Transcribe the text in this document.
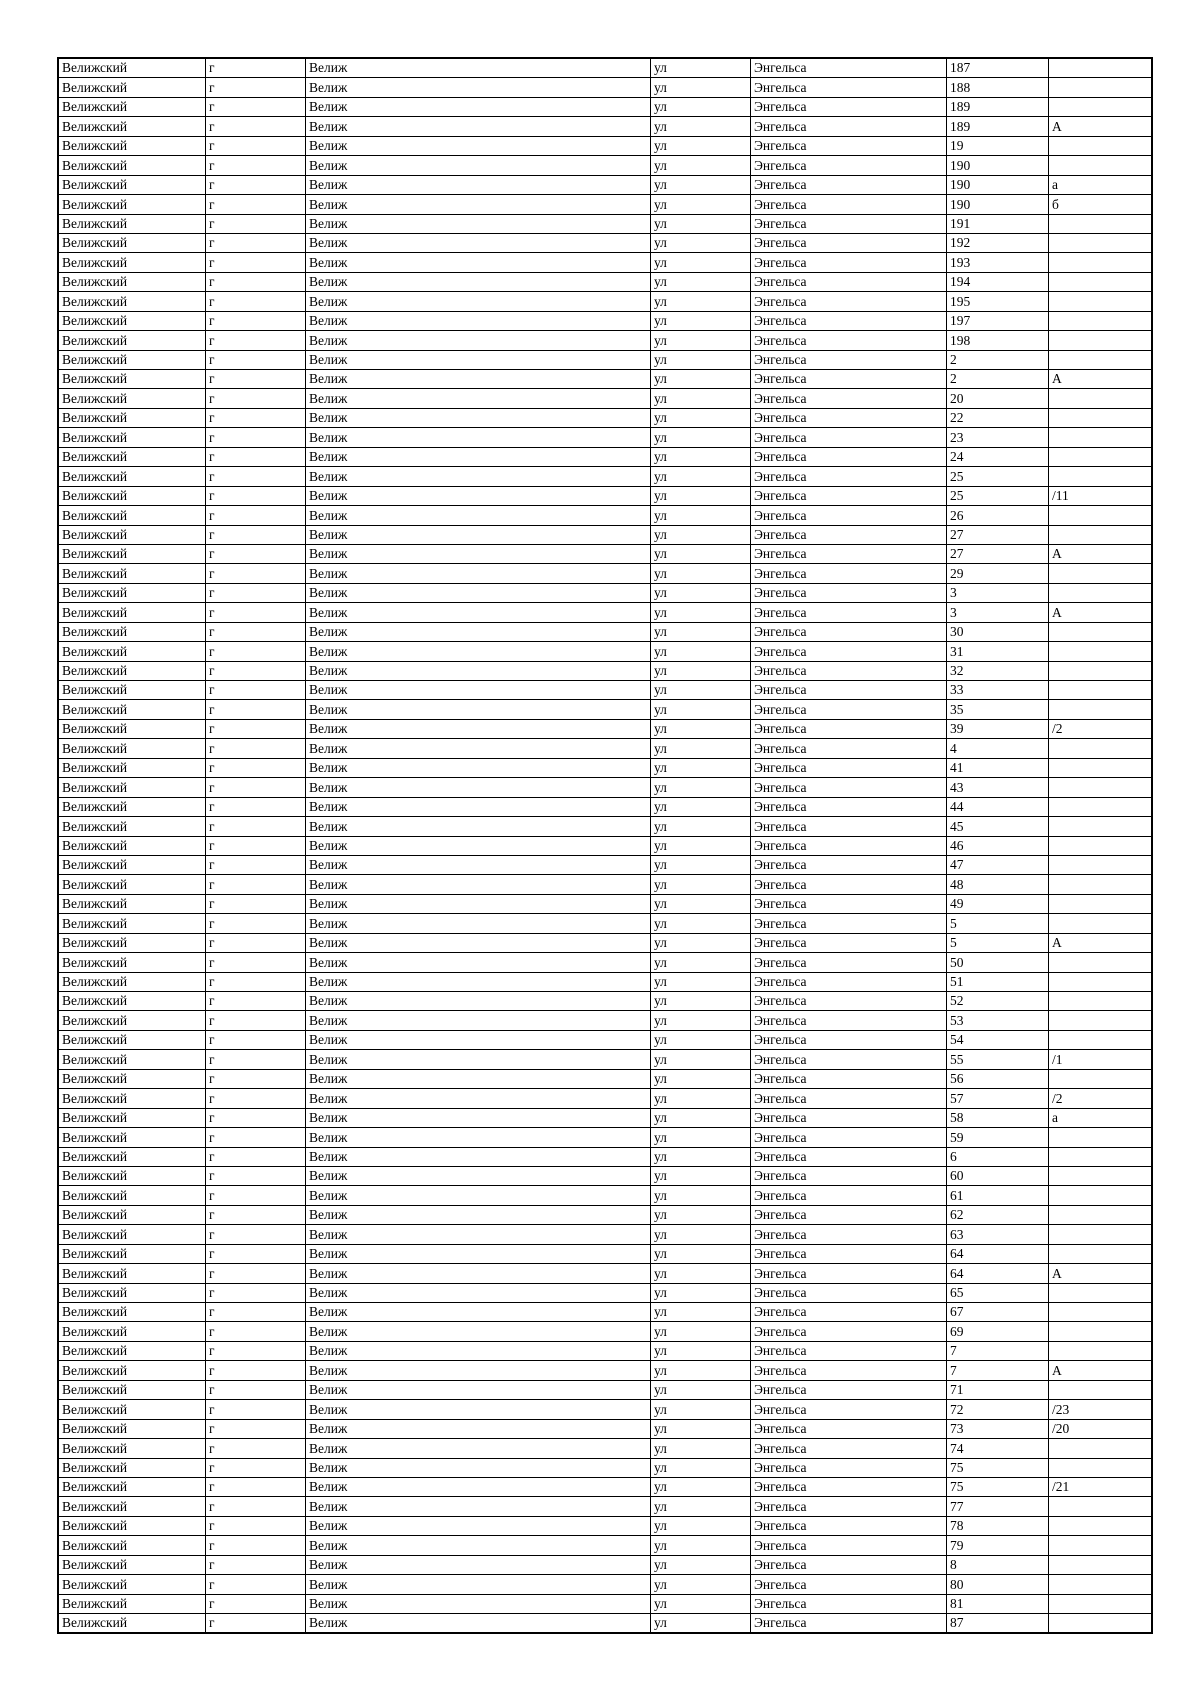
Велижский	г	Велиж	ул	Энгельса	187	
Велижский	г	Велиж	ул	Энгельса	188	
Велижский	г	Велиж	ул	Энгельса	189	
Велижский	г	Велиж	ул	Энгельса	189	А
Велижский	г	Велиж	ул	Энгельса	19	
Велижский	г	Велиж	ул	Энгельса	190	
Велижский	г	Велиж	ул	Энгельса	190	а
Велижский	г	Велиж	ул	Энгельса	190	б
Велижский	г	Велиж	ул	Энгельса	191	
Велижский	г	Велиж	ул	Энгельса	192	
Велижский	г	Велиж	ул	Энгельса	193	
Велижский	г	Велиж	ул	Энгельса	194	
Велижский	г	Велиж	ул	Энгельса	195	
Велижский	г	Велиж	ул	Энгельса	197	
Велижский	г	Велиж	ул	Энгельса	198	
Велижский	г	Велиж	ул	Энгельса	2	
Велижский	г	Велиж	ул	Энгельса	2	А
Велижский	г	Велиж	ул	Энгельса	20	
Велижский	г	Велиж	ул	Энгельса	22	
Велижский	г	Велиж	ул	Энгельса	23	
Велижский	г	Велиж	ул	Энгельса	24	
Велижский	г	Велиж	ул	Энгельса	25	
Велижский	г	Велиж	ул	Энгельса	25	/11
Велижский	г	Велиж	ул	Энгельса	26	
Велижский	г	Велиж	ул	Энгельса	27	
Велижский	г	Велиж	ул	Энгельса	27	А
Велижский	г	Велиж	ул	Энгельса	29	
Велижский	г	Велиж	ул	Энгельса	3	
Велижский	г	Велиж	ул	Энгельса	3	А
Велижский	г	Велиж	ул	Энгельса	30	
Велижский	г	Велиж	ул	Энгельса	31	
Велижский	г	Велиж	ул	Энгельса	32	
Велижский	г	Велиж	ул	Энгельса	33	
Велижский	г	Велиж	ул	Энгельса	35	
Велижский	г	Велиж	ул	Энгельса	39	/2
Велижский	г	Велиж	ул	Энгельса	4	
Велижский	г	Велиж	ул	Энгельса	41	
Велижский	г	Велиж	ул	Энгельса	43	
Велижский	г	Велиж	ул	Энгельса	44	
Велижский	г	Велиж	ул	Энгельса	45	
Велижский	г	Велиж	ул	Энгельса	46	
Велижский	г	Велиж	ул	Энгельса	47	
Велижский	г	Велиж	ул	Энгельса	48	
Велижский	г	Велиж	ул	Энгельса	49	
Велижский	г	Велиж	ул	Энгельса	5	
Велижский	г	Велиж	ул	Энгельса	5	А
Велижский	г	Велиж	ул	Энгельса	50	
Велижский	г	Велиж	ул	Энгельса	51	
Велижский	г	Велиж	ул	Энгельса	52	
Велижский	г	Велиж	ул	Энгельса	53	
Велижский	г	Велиж	ул	Энгельса	54	
Велижский	г	Велиж	ул	Энгельса	55	/1
Велижский	г	Велиж	ул	Энгельса	56	
Велижский	г	Велиж	ул	Энгельса	57	/2
Велижский	г	Велиж	ул	Энгельса	58	а
Велижский	г	Велиж	ул	Энгельса	59	
Велижский	г	Велиж	ул	Энгельса	6	
Велижский	г	Велиж	ул	Энгельса	60	
Велижский	г	Велиж	ул	Энгельса	61	
Велижский	г	Велиж	ул	Энгельса	62	
Велижский	г	Велиж	ул	Энгельса	63	
Велижский	г	Велиж	ул	Энгельса	64	
Велижский	г	Велиж	ул	Энгельса	64	А
Велижский	г	Велиж	ул	Энгельса	65	
Велижский	г	Велиж	ул	Энгельса	67	
Велижский	г	Велиж	ул	Энгельса	69	
Велижский	г	Велиж	ул	Энгельса	7	
Велижский	г	Велиж	ул	Энгельса	7	А
Велижский	г	Велиж	ул	Энгельса	71	
Велижский	г	Велиж	ул	Энгельса	72	/23
Велижский	г	Велиж	ул	Энгельса	73	/20
Велижский	г	Велиж	ул	Энгельса	74	
Велижский	г	Велиж	ул	Энгельса	75	
Велижский	г	Велиж	ул	Энгельса	75	/21
Велижский	г	Велиж	ул	Энгельса	77	
Велижский	г	Велиж	ул	Энгельса	78	
Велижский	г	Велиж	ул	Энгельса	79	
Велижский	г	Велиж	ул	Энгельса	8	
Велижский	г	Велиж	ул	Энгельса	80	
Велижский	г	Велиж	ул	Энгельса	81	
Велижский	г	Велиж	ул	Энгельса	87	
